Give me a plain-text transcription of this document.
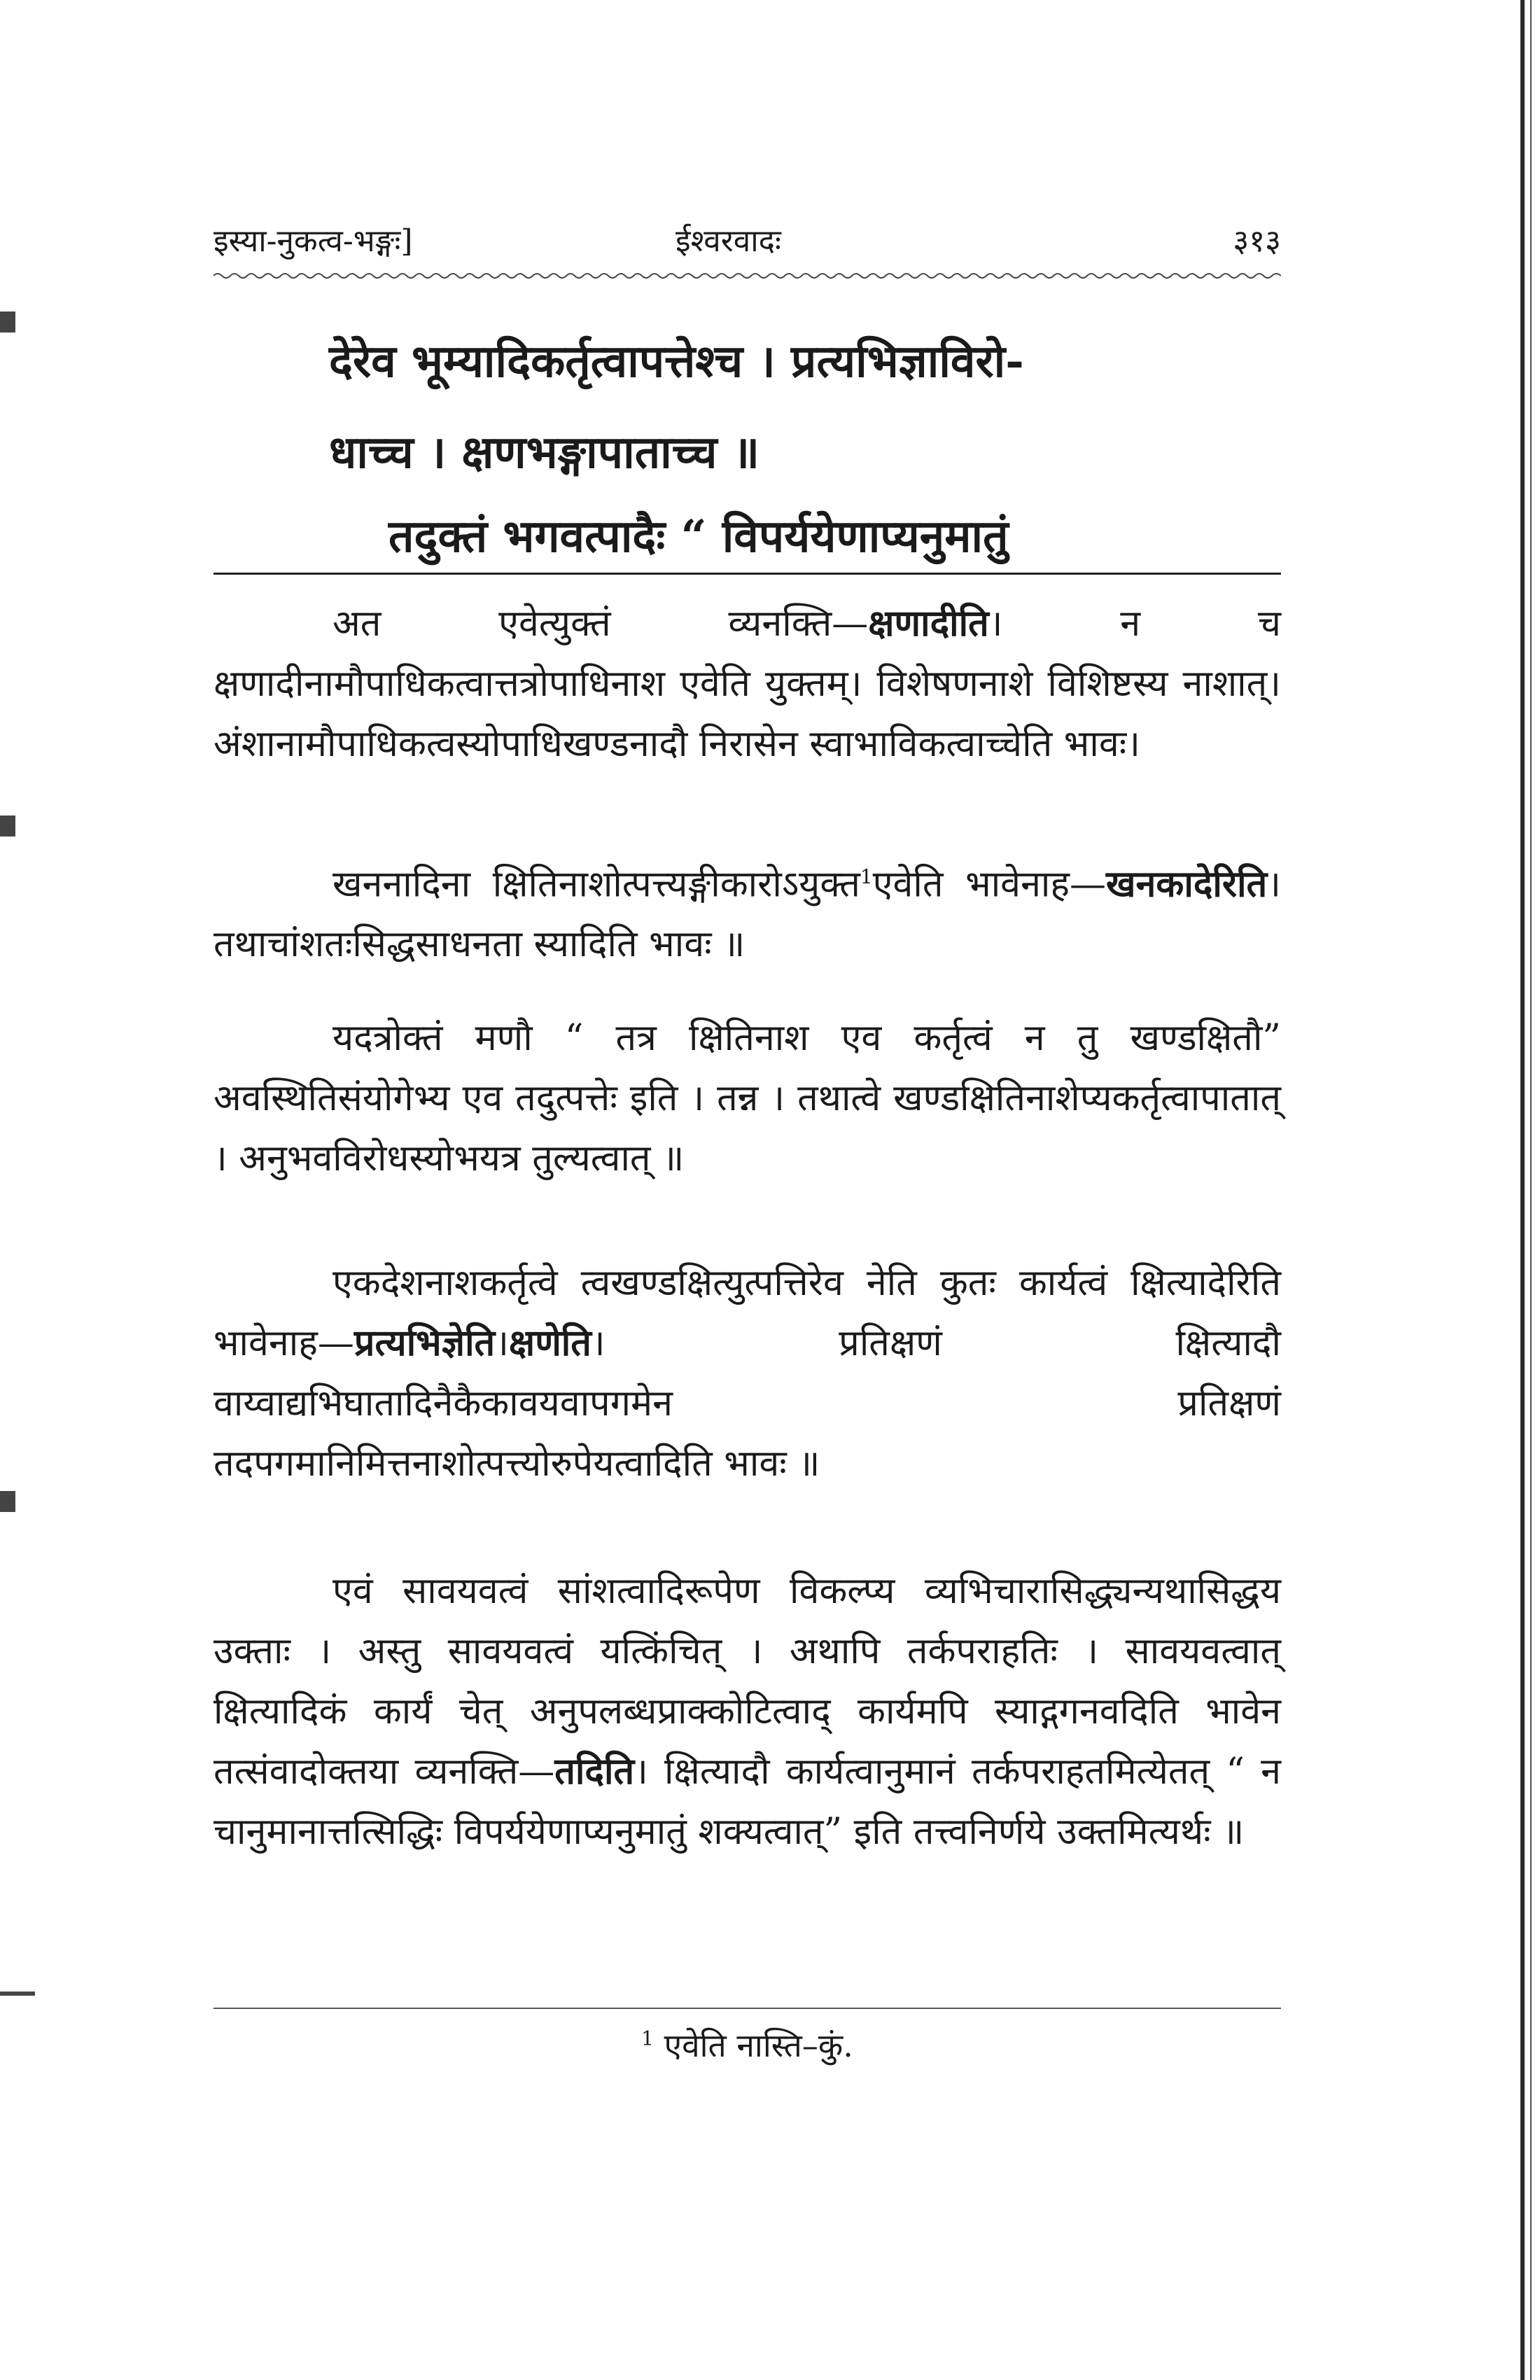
इस्या-नुकत्व-भङ्गः]	ईश्वरवादः	३१३
देरेव भूम्यादिकर्तृत्वापत्तेश्च । प्रत्यभिज्ञाविरो-
धाच्च । क्षणभङ्गापाताच्च ॥
तदुक्तं भगवत्पादैः “ विपर्ययेणाप्यनुमातुं
अत एवेत्युक्तं व्यनक्ति—क्षणादीति। न च क्षणादीनामौपाधिकत्वात्तत्रोपाधिनाश एवेति युक्तम्। विशेषणनाशे विशिष्टस्य नाशात्। अंशानामौपाधिकत्वस्योपाधिखण्डनादौ निरासेन स्वाभाविकत्वाच्चेति भावः।
खननादिना क्षितिनाशोत्पत्त्यङ्गीकारोऽयुक्त$^1$एवेति भावेनाह—खनकादेरिति। तथाचांशतःसिद्धसाधनता स्यादिति भावः ॥
यदत्रोक्तं मणौ “ तत्र क्षितिनाश एव कर्तृत्वं न तु खण्डक्षितौ” अवस्थितिसंयोगेभ्य एव तदुत्पत्तेः इति । तन्न । तथात्वे खण्डक्षितिनाशेप्यकर्तृत्वापातात् । अनुभवविरोधस्योभयत्र तुल्यत्वात् ॥
एकदेशनाशकर्तृत्वे त्वखण्डक्षित्युत्पत्तिरेव नेति कुतः कार्यत्वं क्षित्यादेरिति भावेनाह—प्रत्यभिज्ञेति।क्षणेति। प्रतिक्षणं क्षित्यादौ वाय्वाद्यभिघातादिनैकैकावयवापगमेन प्रतिक्षणं तदपगमानिमित्तनाशोत्पत्त्योरुपेयत्वादिति भावः ॥
एवं सावयवत्वं सांशत्वादिरूपेण विकल्प्य व्यभिचारासिद्ध्यन्यथासिद्धय उक्ताः । अस्तु सावयवत्वं यत्किंचित् । अथापि तर्कपराहतिः । सावयवत्वात् क्षित्यादिकं कार्यं चेत् अनुपलब्धप्राक्कोटित्वाद् कार्यमपि स्याद्गगनवदिति भावेन तत्संवादोक्तया व्यनक्ति—तदिति। क्षित्यादौ कार्यत्वानुमानं तर्कपराहतमित्येतत् “ न चानुमानात्तत्सिद्धिः विपर्ययेणाप्यनुमातुं शक्यत्वात्” इति तत्त्वनिर्णये उक्तमित्यर्थः ॥
$^1$ एवेति नास्ति–कुं.
